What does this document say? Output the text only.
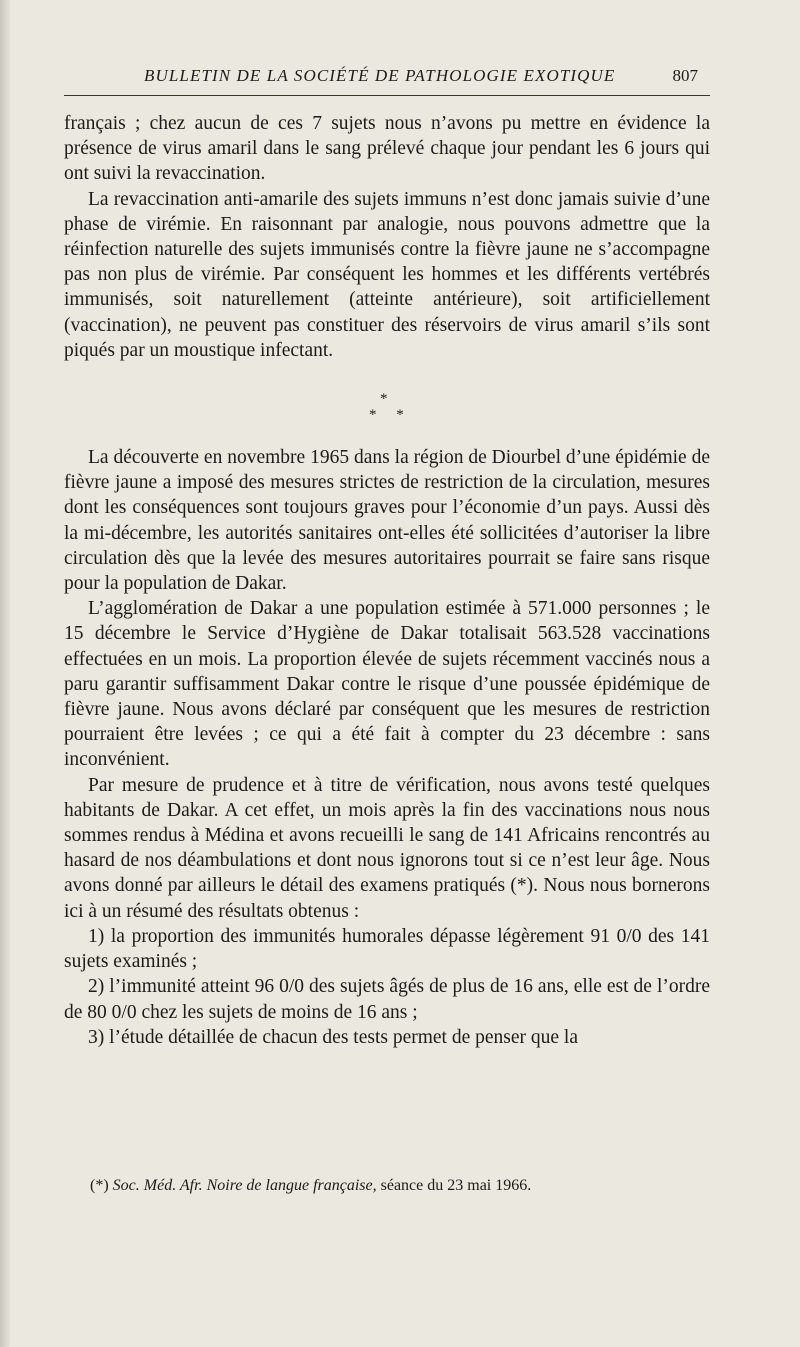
BULLETIN DE LA SOCIÉTÉ DE PATHOLOGIE EXOTIQUE	807

français ; chez aucun de ces 7 sujets nous n’avons pu mettre en évidence la présence de virus amaril dans le sang prélevé chaque jour pendant les 6 jours qui ont suivi la revaccination.

La revaccination anti-amarile des sujets immuns n’est donc jamais suivie d’une phase de virémie. En raisonnant par analogie, nous pouvons admettre que la réinfection naturelle des sujets immunisés contre la fièvre jaune ne s’accompagne pas non plus de virémie. Par conséquent les hommes et les différents vertébrés immunisés, soit naturellement (atteinte antérieure), soit artificiellement (vaccination), ne peuvent pas constituer des réservoirs de virus amaril s’ils sont piqués par un moustique infectant.

*
* *

La découverte en novembre 1965 dans la région de Diourbel d’une épidémie de fièvre jaune a imposé des mesures strictes de restriction de la circulation, mesures dont les conséquences sont toujours graves pour l’économie d’un pays. Aussi dès la mi-décembre, les autorités sanitaires ont-elles été sollicitées d’autoriser la libre circulation dès que la levée des mesures autoritaires pourrait se faire sans risque pour la population de Dakar.

L’agglomération de Dakar a une population estimée à 571.000 personnes ; le 15 décembre le Service d’Hygiène de Dakar totalisait 563.528 vaccinations effectuées en un mois. La proportion élevée de sujets récemment vaccinés nous a paru garantir suffisamment Dakar contre le risque d’une poussée épidémique de fièvre jaune. Nous avons déclaré par conséquent que les mesures de restriction pourraient être levées ; ce qui a été fait à compter du 23 décembre : sans inconvénient.

Par mesure de prudence et à titre de vérification, nous avons testé quelques habitants de Dakar. A cet effet, un mois après la fin des vaccinations nous nous sommes rendus à Médina et avons recueilli le sang de 141 Africains rencontrés au hasard de nos déambulations et dont nous ignorons tout si ce n’est leur âge. Nous avons donné par ailleurs le détail des examens pratiqués (*). Nous nous bornerons ici à un résumé des résultats obtenus :

1) la proportion des immunités humorales dépasse légèrement 91 0/0 des 141 sujets examinés ;

2) l’immunité atteint 96 0/0 des sujets âgés de plus de 16 ans, elle est de l’ordre de 80 0/0 chez les sujets de moins de 16 ans ;

3) l’étude détaillée de chacun des tests permet de penser que la

(*) Soc. Méd. Afr. Noire de langue française, séance du 23 mai 1966.
